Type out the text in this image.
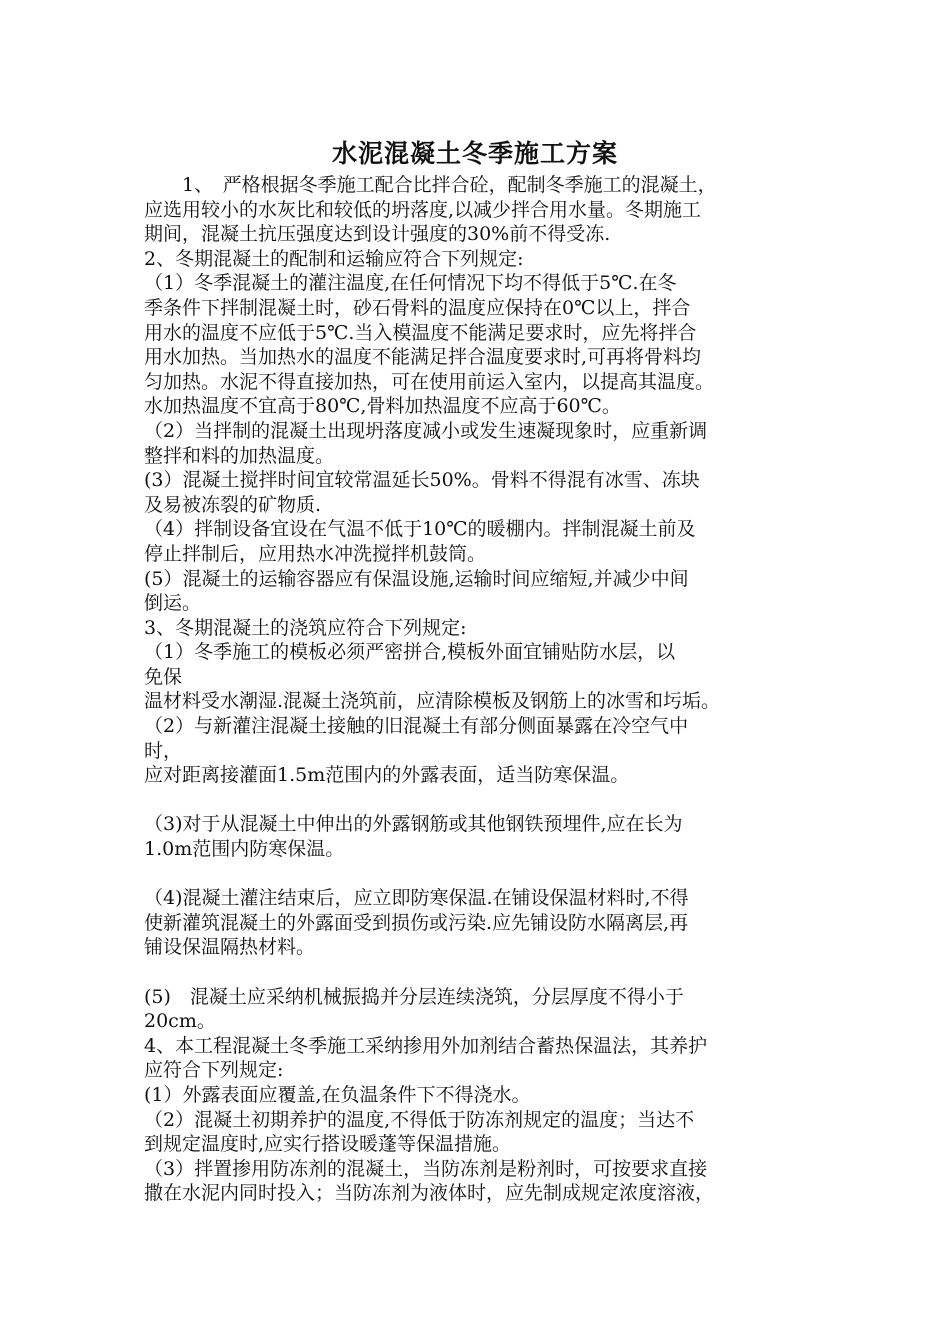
水泥混凝土冬季施工方案
　　1、　严格根据冬季施工配合比拌合砼，配制冬季施工的混凝土，
应选用较小的水灰比和较低的坍落度,以减少拌合用水量。冬期施工
期间，混凝土抗压强度达到设计强度的30%前不得受冻.
2、冬期混凝土的配制和运输应符合下列规定:
（1）冬季混凝土的灌注温度,在任何情况下均不得低于5℃.在冬
季条件下拌制混凝土时，砂石骨料的温度应保持在0℃以上，拌合
用水的温度不应低于5℃.当入模温度不能满足要求时，应先将拌合
用水加热。当加热水的温度不能满足拌合温度要求时,可再将骨料均
匀加热。水泥不得直接加热，可在使用前运入室内，以提高其温度。
水加热温度不宜高于80℃,骨料加热温度不应高于60℃。
（2）当拌制的混凝土出现坍落度减小或发生速凝现象时，应重新调
整拌和料的加热温度。
(3）混凝土搅拌时间宜较常温延长50%。骨料不得混有冰雪、冻块
及易被冻裂的矿物质.
（4）拌制设备宜设在气温不低于10℃的暖棚内。拌制混凝土前及
停止拌制后，应用热水冲洗搅拌机鼓筒。
(5）混凝土的运输容器应有保温设施,运输时间应缩短,并减少中间
倒运。
3、冬期混凝土的浇筑应符合下列规定:
（1）冬季施工的模板必须严密拼合,模板外面宜铺贴防水层，以
免保
温材料受水潮湿.混凝土浇筑前，应清除模板及钢筋上的冰雪和圬垢。
（2）与新灌注混凝土接触的旧混凝土有部分侧面暴露在冷空气中
时，
应对距离接灌面1.5m范围内的外露表面，适当防寒保温。
（3)对于从混凝土中伸出的外露钢筋或其他钢铁预埋件,应在长为
1.0m范围内防寒保温。
（4)混凝土灌注结束后，应立即防寒保温.在铺设保温材料时,不得
使新灌筑混凝土的外露面受到损伤或污染.应先铺设防水隔离层,再
铺设保温隔热材料。
(5)　混凝土应采纳机械振捣并分层连续浇筑，分层厚度不得小于
20cm。
4、本工程混凝土冬季施工采纳掺用外加剂结合蓄热保温法，其养护
应符合下列规定:
(1）外露表面应覆盖,在负温条件下不得浇水。
（2）混凝土初期养护的温度,不得低于防冻剂规定的温度；当达不
到规定温度时,应实行搭设暖蓬等保温措施。
（3）拌置掺用防冻剂的混凝土，当防冻剂是粉剂时，可按要求直接
撒在水泥内同时投入；当防冻剂为液体时，应先制成规定浓度溶液，
